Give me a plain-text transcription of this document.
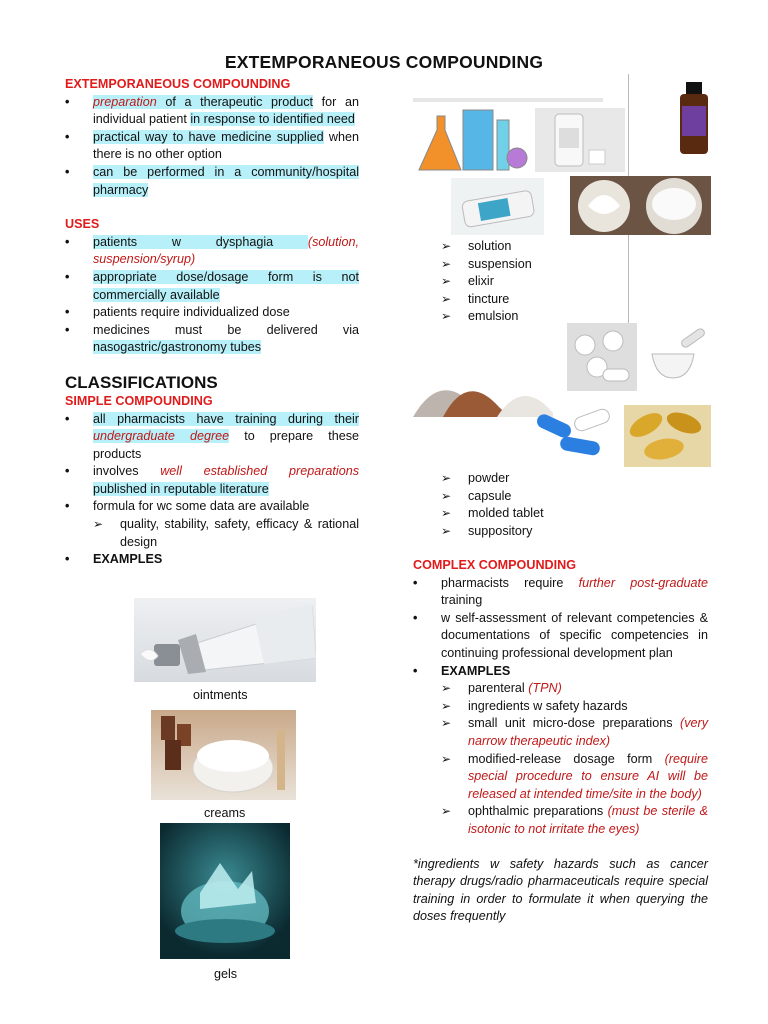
EXTEMPORANEOUS COMPOUNDING
EXTEMPORANEOUS COMPOUNDING
• preparation of a therapeutic product for an individual patient in response to identified need
• practical way to have medicine supplied when there is no other option
• can be performed in a community/hospital pharmacy
USES
• patients w dysphagia (solution, suspension/syrup)
• appropriate dose/dosage form is not commercially available
• patients require individualized dose
• medicines must be delivered via nasogastric/gastronomy tubes
CLASSIFICATIONS
SIMPLE COMPOUNDING
• all pharmacists have training during their undergraduate degree to prepare these products
• involves well established preparations published in reputable literature
• formula for wc some data are available
➢ quality, stability, safety, efficacy & rational design
• EXAMPLES
ointments
creams
gels
➢ solution
➢ suspension
➢ elixir
➢ tincture
➢ emulsion
➢ powder
➢ capsule
➢ molded tablet
➢ suppository
COMPLEX COMPOUNDING
• pharmacists require further post-graduate training
• w self-assessment of relevant competencies & documentations of specific competencies in continuing professional development plan
• EXAMPLES
➢ parenteral (TPN)
➢ ingredients w safety hazards
➢ small unit micro-dose preparations (very narrow therapeutic index)
➢ modified-release dosage form (require special procedure to ensure AI will be released at intended time/site in the body)
➢ ophthalmic preparations (must be sterile & isotonic to not irritate the eyes)
*ingredients w safety hazards such as cancer therapy drugs/radio pharmaceuticals require special training in order to formulate it when querying the doses frequently
